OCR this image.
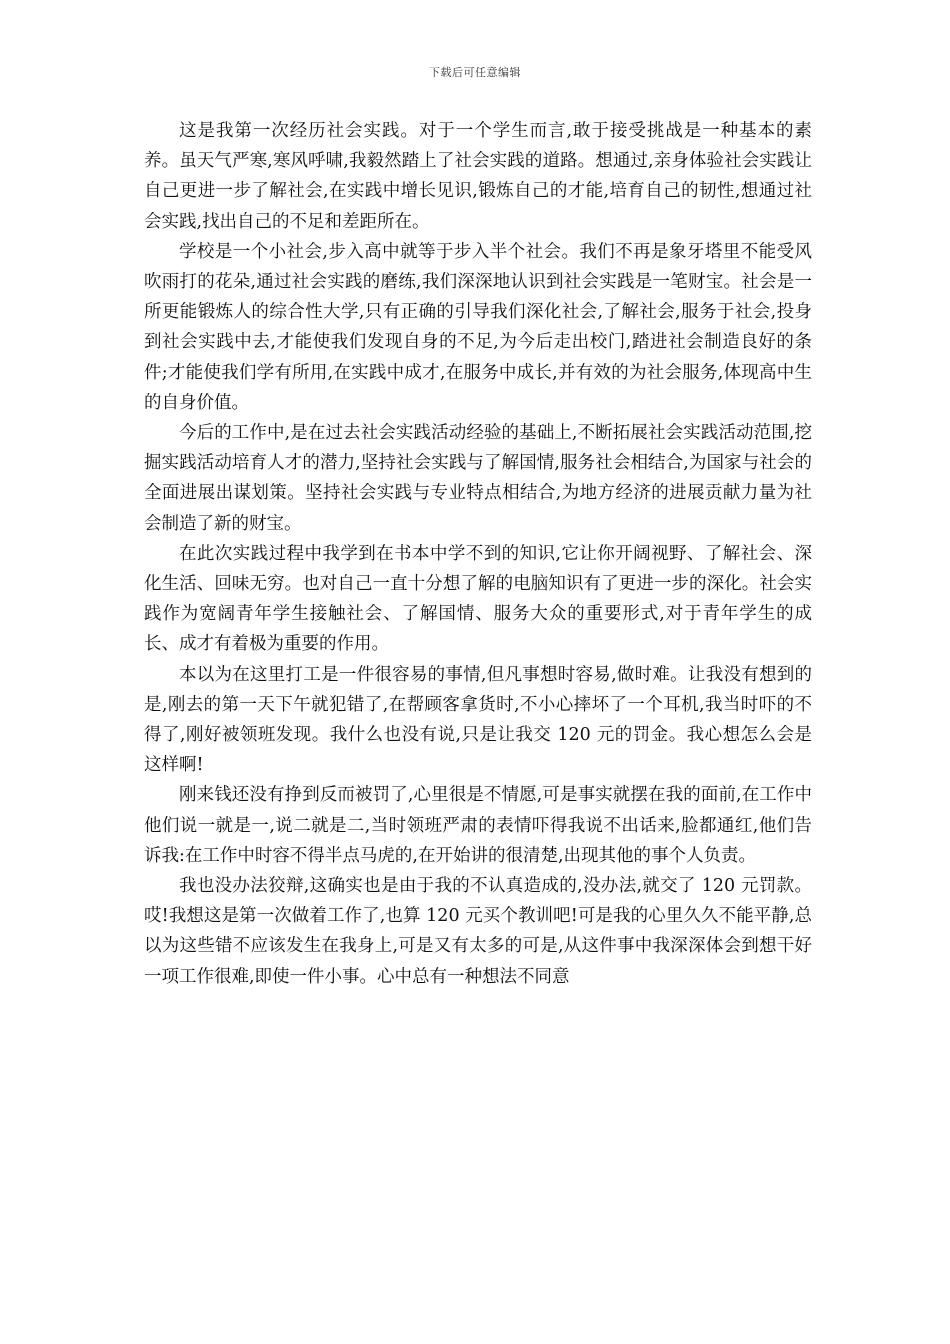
下载后可任意编辑

这是我第一次经历社会实践。对于一个学生而言,敢于接受挑战是一种基本的素养。虽天气严寒,寒风呼啸,我毅然踏上了社会实践的道路。想通过,亲身体验社会实践让自己更进一步了解社会,在实践中增长见识,锻炼自己的才能,培育自己的韧性,想通过社会实践,找出自己的不足和差距所在。

学校是一个小社会,步入高中就等于步入半个社会。我们不再是象牙塔里不能受风吹雨打的花朵,通过社会实践的磨练,我们深深地认识到社会实践是一笔财宝。社会是一所更能锻炼人的综合性大学,只有正确的引导我们深化社会,了解社会,服务于社会,投身到社会实践中去,才能使我们发现自身的不足,为今后走出校门,踏进社会制造良好的条件;才能使我们学有所用,在实践中成才,在服务中成长,并有效的为社会服务,体现高中生的自身价值。

今后的工作中,是在过去社会实践活动经验的基础上,不断拓展社会实践活动范围,挖掘实践活动培育人才的潜力,坚持社会实践与了解国情,服务社会相结合,为国家与社会的全面进展出谋划策。坚持社会实践与专业特点相结合,为地方经济的进展贡献力量为社会制造了新的财宝。

在此次实践过程中我学到在书本中学不到的知识,它让你开阔视野、了解社会、深化生活、回味无穷。也对自己一直十分想了解的电脑知识有了更进一步的深化。社会实践作为宽阔青年学生接触社会、了解国情、服务大众的重要形式,对于青年学生的成长、成才有着极为重要的作用。

本以为在这里打工是一件很容易的事情,但凡事想时容易,做时难。让我没有想到的是,刚去的第一天下午就犯错了,在帮顾客拿货时,不小心摔坏了一个耳机,我当时吓的不得了,刚好被领班发现。我什么也没有说,只是让我交 120 元的罚金。我心想怎么会是这样啊!

刚来钱还没有挣到反而被罚了,心里很是不情愿,可是事实就摆在我的面前,在工作中他们说一就是一,说二就是二,当时领班严肃的表情吓得我说不出话来,脸都通红,他们告诉我:在工作中时容不得半点马虎的,在开始讲的很清楚,出现其他的事个人负责。

我也没办法狡辩,这确实也是由于我的不认真造成的,没办法,就交了 120 元罚款。哎!我想这是第一次做着工作了,也算 120 元买个教训吧!可是我的心里久久不能平静,总以为这些错不应该发生在我身上,可是又有太多的可是,从这件事中我深深体会到想干好一项工作很难,即使一件小事。心中总有一种想法不同意
